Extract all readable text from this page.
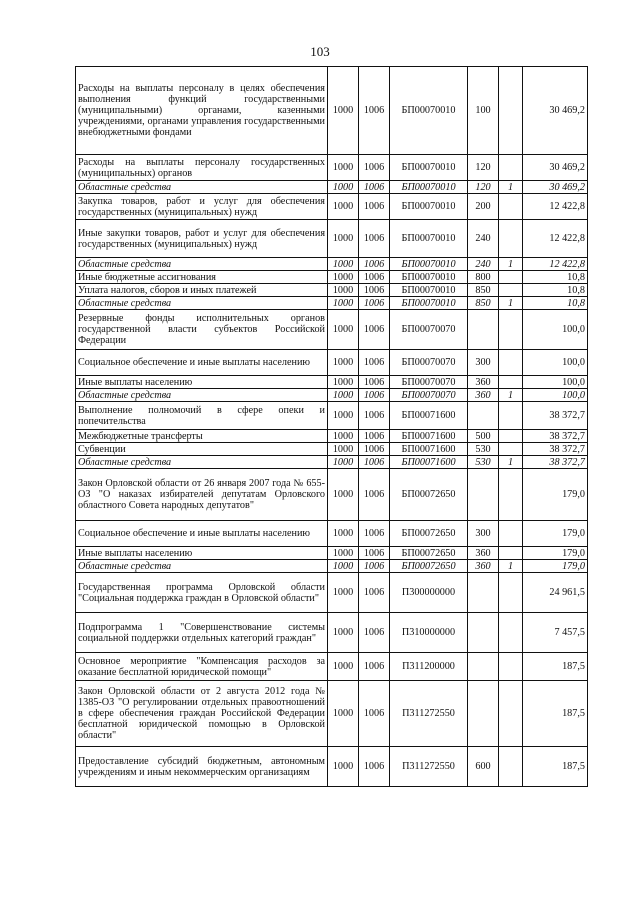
103
Расходы на выплаты персоналу в целях обеспечения выполнения функций государственными (муниципальными) органами, казенными учреждениями, органами управления государственными внебюджетными фондами	1000	1006	БП00070010	100		30 469,2
Расходы на выплаты персоналу государственных (муниципальных) органов	1000	1006	БП00070010	120		30 469,2
Областные средства	1000	1006	БП00070010	120	1	30 469,2
Закупка товаров, работ и услуг для обеспечения государственных (муниципальных) нужд	1000	1006	БП00070010	200		12 422,8
Иные закупки товаров, работ и услуг для обеспечения государственных (муниципальных) нужд	1000	1006	БП00070010	240		12 422,8
Областные средства	1000	1006	БП00070010	240	1	12 422,8
Иные бюджетные ассигнования	1000	1006	БП00070010	800		10,8
Уплата налогов, сборов и иных платежей	1000	1006	БП00070010	850		10,8
Областные средства	1000	1006	БП00070010	850	1	10,8
Резервные фонды исполнительных органов государственной власти субъектов Российской Федерации	1000	1006	БП00070070			100,0
Социальное обеспечение и иные выплаты населению	1000	1006	БП00070070	300		100,0
Иные выплаты населению	1000	1006	БП00070070	360		100,0
Областные средства	1000	1006	БП00070070	360	1	100,0
Выполнение полномочий в сфере опеки и попечительства	1000	1006	БП00071600			38 372,7
Межбюджетные трансферты	1000	1006	БП00071600	500		38 372,7
Субвенции	1000	1006	БП00071600	530		38 372,7
Областные средства	1000	1006	БП00071600	530	1	38 372,7
Закон Орловской области от 26 января 2007 года № 655-ОЗ "О наказах избирателей депутатам Орловского областного Совета народных депутатов"	1000	1006	БП00072650			179,0
Социальное обеспечение и иные выплаты населению	1000	1006	БП00072650	300		179,0
Иные выплаты населению	1000	1006	БП00072650	360		179,0
Областные средства	1000	1006	БП00072650	360	1	179,0
Государственная программа Орловской области "Социальная поддержка граждан в Орловской области"	1000	1006	П300000000			24 961,5
Подпрограмма 1 "Совершенствование системы социальной поддержки отдельных категорий граждан"	1000	1006	П310000000			7 457,5
Основное мероприятие "Компенсация расходов за оказание бесплатной юридической помощи"	1000	1006	П311200000			187,5
Закон Орловской области от 2 августа 2012 года № 1385-ОЗ "О регулировании отдельных правоотношений в сфере обеспечения граждан Российской Федерации бесплатной юридической помощью в Орловской области"	1000	1006	П311272550			187,5
Предоставление субсидий бюджетным, автономным учреждениям и иным некоммерческим организациям	1000	1006	П311272550	600		187,5
